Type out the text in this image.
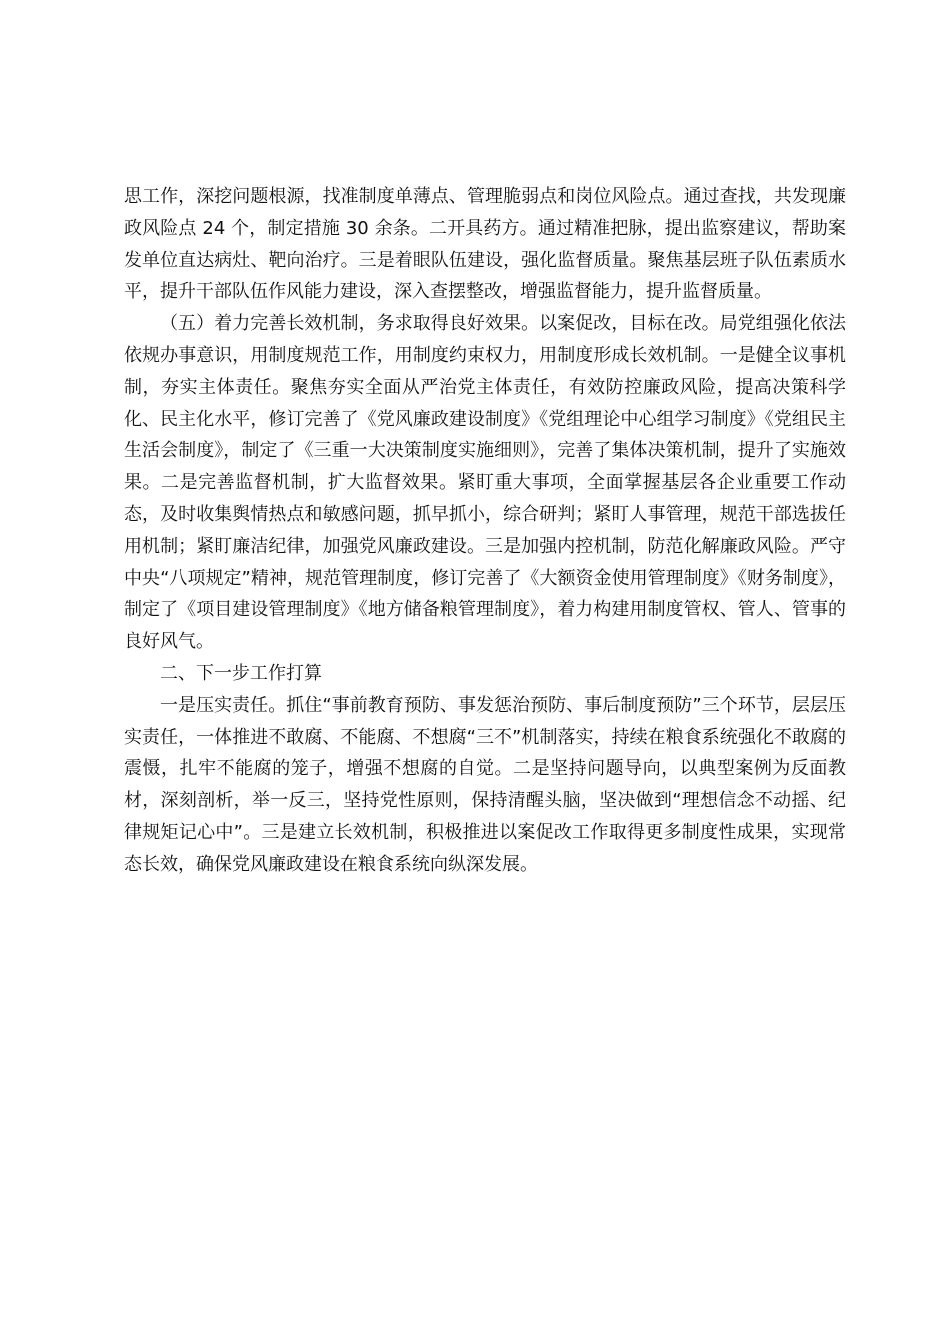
思工作，深挖问题根源，找准制度单薄点、管理脆弱点和岗位风险点。通过查找，共发现廉政风险点 24 个，制定措施 30 余条。二开具药方。通过精准把脉，提出监察建议，帮助案发单位直达病灶、靶向治疗。三是着眼队伍建设，强化监督质量。聚焦基层班子队伍素质水平，提升干部队伍作风能力建设，深入查摆整改，增强监督能力，提升监督质量。

（五）着力完善长效机制，务求取得良好效果。以案促改，目标在改。局党组强化依法依规办事意识，用制度规范工作，用制度约束权力，用制度形成长效机制。一是健全议事机制，夯实主体责任。聚焦夯实全面从严治党主体责任，有效防控廉政风险，提高决策科学化、民主化水平，修订完善了《党风廉政建设制度》《党组理论中心组学习制度》《党组民主生活会制度》，制定了《三重一大决策制度实施细则》，完善了集体决策机制，提升了实施效果。二是完善监督机制，扩大监督效果。紧盯重大事项，全面掌握基层各企业重要工作动态，及时收集舆情热点和敏感问题，抓早抓小，综合研判；紧盯人事管理，规范干部选拔任用机制；紧盯廉洁纪律，加强党风廉政建设。三是加强内控机制，防范化解廉政风险。严守中央“八项规定”精神，规范管理制度，修订完善了《大额资金使用管理制度》《财务制度》，制定了《项目建设管理制度》《地方储备粮管理制度》，着力构建用制度管权、管人、管事的良好风气。

二、下一步工作打算

一是压实责任。抓住“事前教育预防、事发惩治预防、事后制度预防”三个环节，层层压实责任，一体推进不敢腐、不能腐、不想腐“三不”机制落实，持续在粮食系统强化不敢腐的震慑，扎牢不能腐的笼子，增强不想腐的自觉。二是坚持问题导向，以典型案例为反面教材，深刻剖析，举一反三，坚持党性原则，保持清醒头脑，坚决做到“理想信念不动摇、纪律规矩记心中”。三是建立长效机制，积极推进以案促改工作取得更多制度性成果，实现常态长效，确保党风廉政建设在粮食系统向纵深发展。
